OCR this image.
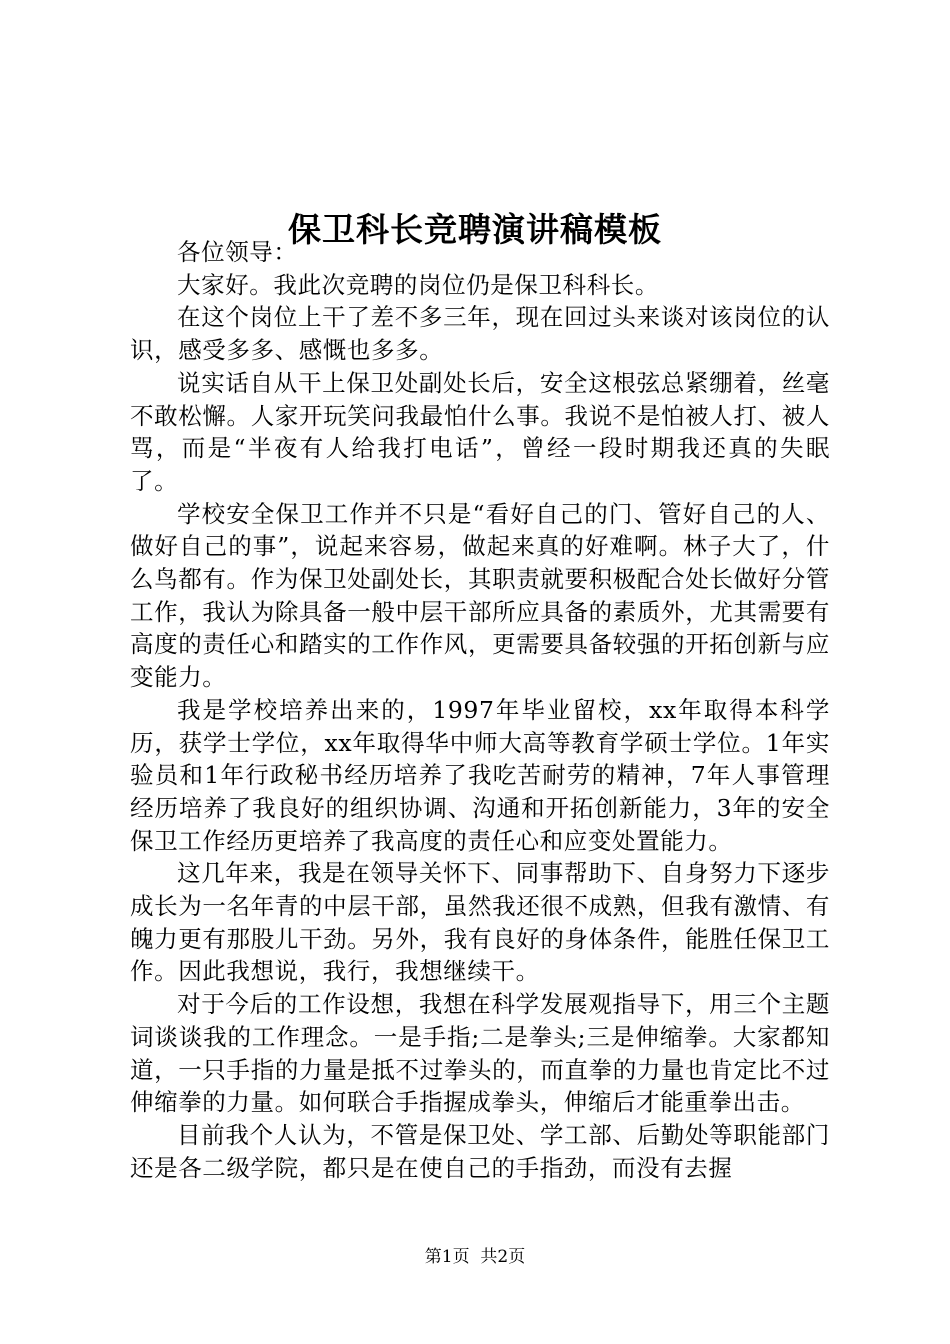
保卫科长竞聘演讲稿模板

各位领导：

大家好。我此次竞聘的岗位仍是保卫科科长。

在这个岗位上干了差不多三年，现在回过头来谈对该岗位的认识，感受多多、感慨也多多。

说实话自从干上保卫处副处长后，安全这根弦总紧绷着，丝毫不敢松懈。人家开玩笑问我最怕什么事。我说不是怕被人打、被人骂，而是“半夜有人给我打电话”，曾经一段时期我还真的失眠了。

学校安全保卫工作并不只是“看好自己的门、管好自己的人、做好自己的事”，说起来容易，做起来真的好难啊。林子大了，什么鸟都有。作为保卫处副处长，其职责就要积极配合处长做好分管工作，我认为除具备一般中层干部所应具备的素质外，尤其需要有高度的责任心和踏实的工作作风，更需要具备较强的开拓创新与应变能力。

我是学校培养出来的，1997年毕业留校，xx年取得本科学历，获学士学位，xx年取得华中师大高等教育学硕士学位。1年实验员和1年行政秘书经历培养了我吃苦耐劳的精神，7年人事管理经历培养了我良好的组织协调、沟通和开拓创新能力，3年的安全保卫工作经历更培养了我高度的责任心和应变处置能力。

这几年来，我是在领导关怀下、同事帮助下、自身努力下逐步成长为一名年青的中层干部，虽然我还很不成熟，但我有激情、有魄力更有那股儿干劲。另外，我有良好的身体条件，能胜任保卫工作。因此我想说，我行，我想继续干。

对于今后的工作设想，我想在科学发展观指导下，用三个主题词谈谈我的工作理念。一是手指;二是拳头;三是伸缩拳。大家都知道，一只手指的力量是抵不过拳头的，而直拳的力量也肯定比不过伸缩拳的力量。如何联合手指握成拳头，伸缩后才能重拳出击。

目前我个人认为，不管是保卫处、学工部、后勤处等职能部门还是各二级学院，都只是在使自己的手指劲，而没有去握

第1页 共2页
